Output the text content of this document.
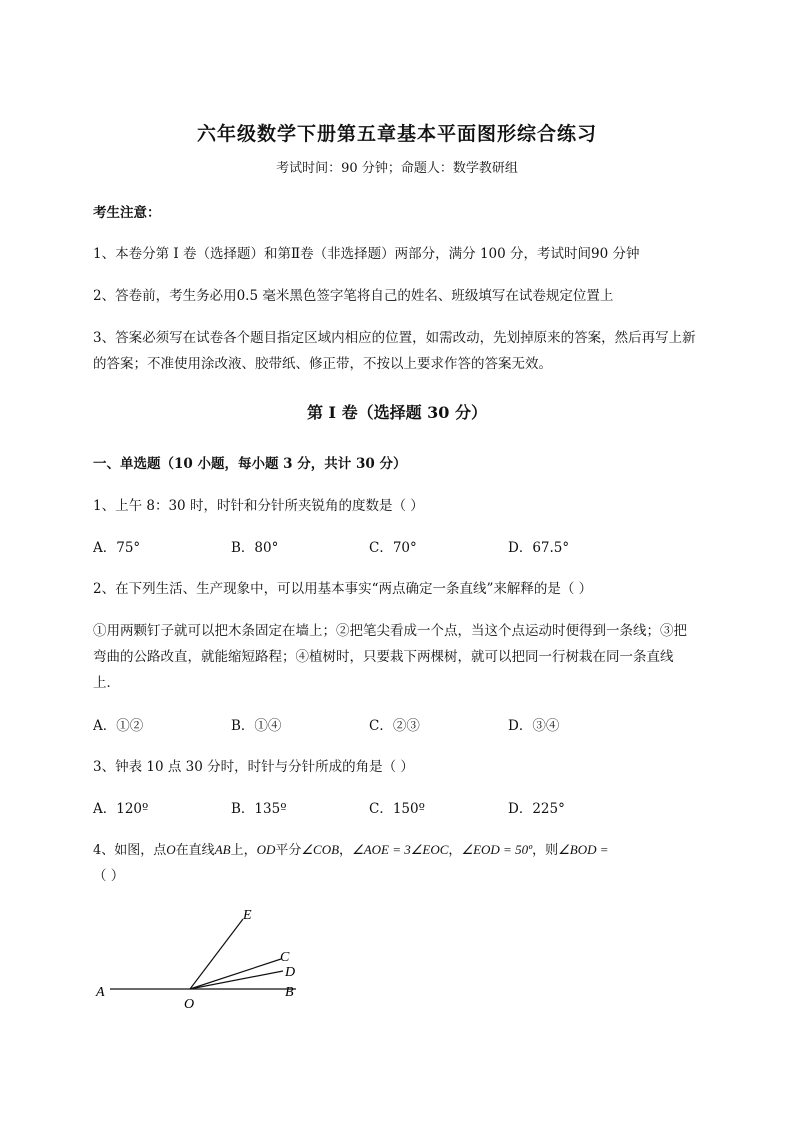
六年级数学下册第五章基本平面图形综合练习
考试时间：90 分钟；命题人：数学教研组
考生注意：
1、本卷分第 I 卷（选择题）和第Ⅱ卷（非选择题）两部分，满分 100 分，考试时间90 分钟
2、答卷前，考生务必用0.5 毫米黑色签字笔将自己的姓名、班级填写在试卷规定位置上
3、答案必须写在试卷各个题目指定区域内相应的位置，如需改动，先划掉原来的答案，然后再写上新
的答案；不准使用涂改液、胶带纸、修正带，不按以上要求作答的答案无效。
第 I 卷（选择题 30 分）
一、单选题（10 小题，每小题 3 分，共计 30 分）
1、上午 8：30 时，时针和分针所夹锐角的度数是（ ）
A．75°	B．80°	C．70°	D．67.5°
2、在下列生活、生产现象中，可以用基本事实“两点确定一条直线”来解释的是（ ）
①用两颗钉子就可以把木条固定在墙上；②把笔尖看成一个点，当这个点运动时便得到一条线；③把
弯曲的公路改直，就能缩短路程；④植树时，只要栽下两棵树，就可以把同一行树栽在同一条直线
上．
A．①②	B．①④	C．②③	D．③④
3、钟表 10 点 30 分时，时针与分针所成的角是（ ）
A．120º	B．135º	C．150º	D．225°
4、如图，点O在直线AB上，OD平分∠COB，∠AOE = 3∠EOC，∠EOD = 50º，则∠BOD =
（ ）
A
O
B
C
D
E
